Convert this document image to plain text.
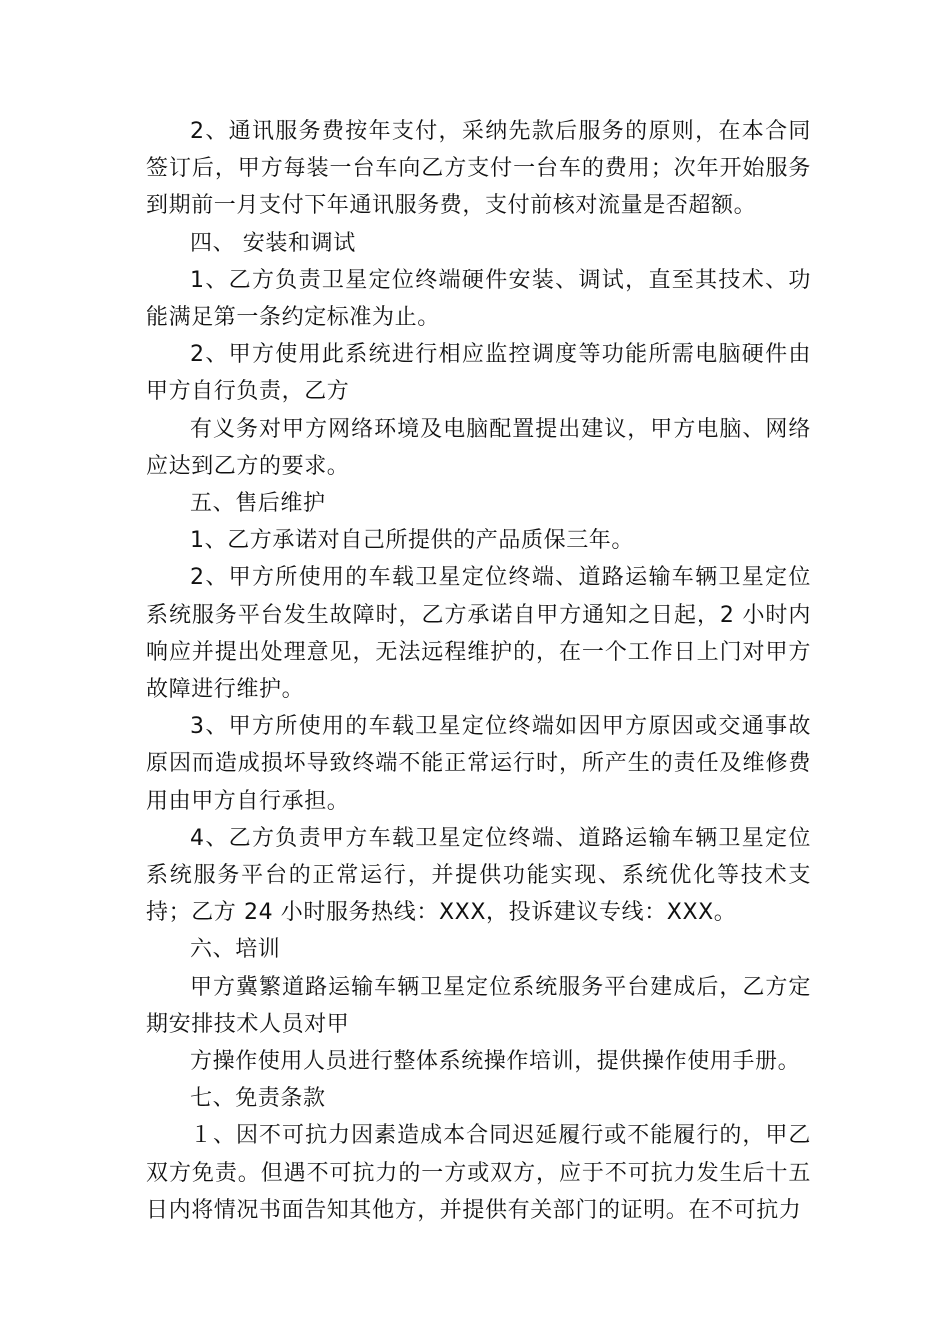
2、通讯服务费按年支付，采纳先款后服务的原则，在本合同签订后，甲方每装一台车向乙方支付一台车的费用；次年开始服务到期前一月支付下年通讯服务费，支付前核对流量是否超额。

四、 安装和调试

1、乙方负责卫星定位终端硬件安装、调试，直至其技术、功能满足第一条约定标准为止。

2、甲方使用此系统进行相应监控调度等功能所需电脑硬件由甲方自行负责，乙方

有义务对甲方网络环境及电脑配置提出建议，甲方电脑、网络应达到乙方的要求。

五、售后维护

1、乙方承诺对自己所提供的产品质保三年。

2、甲方所使用的车载卫星定位终端、道路运输车辆卫星定位系统服务平台发生故障时，乙方承诺自甲方通知之日起，2 小时内响应并提出处理意见，无法远程维护的，在一个工作日上门对甲方故障进行维护。

3、甲方所使用的车载卫星定位终端如因甲方原因或交通事故原因而造成损坏导致终端不能正常运行时，所产生的责任及维修费用由甲方自行承担。

4、乙方负责甲方车载卫星定位终端、道路运输车辆卫星定位系统服务平台的正常运行，并提供功能实现、系统优化等技术支持；乙方 24 小时服务热线：XXX，投诉建议专线：XXX。

六、培训

甲方冀繁道路运输车辆卫星定位系统服务平台建成后，乙方定期安排技术人员对甲

方操作使用人员进行整体系统操作培训，提供操作使用手册。

七、免责条款

１、因不可抗力因素造成本合同迟延履行或不能履行的，甲乙双方免责。但遇不可抗力的一方或双方，应于不可抗力发生后十五日内将情况书面告知其他方，并提供有关部门的证明。在不可抗力
